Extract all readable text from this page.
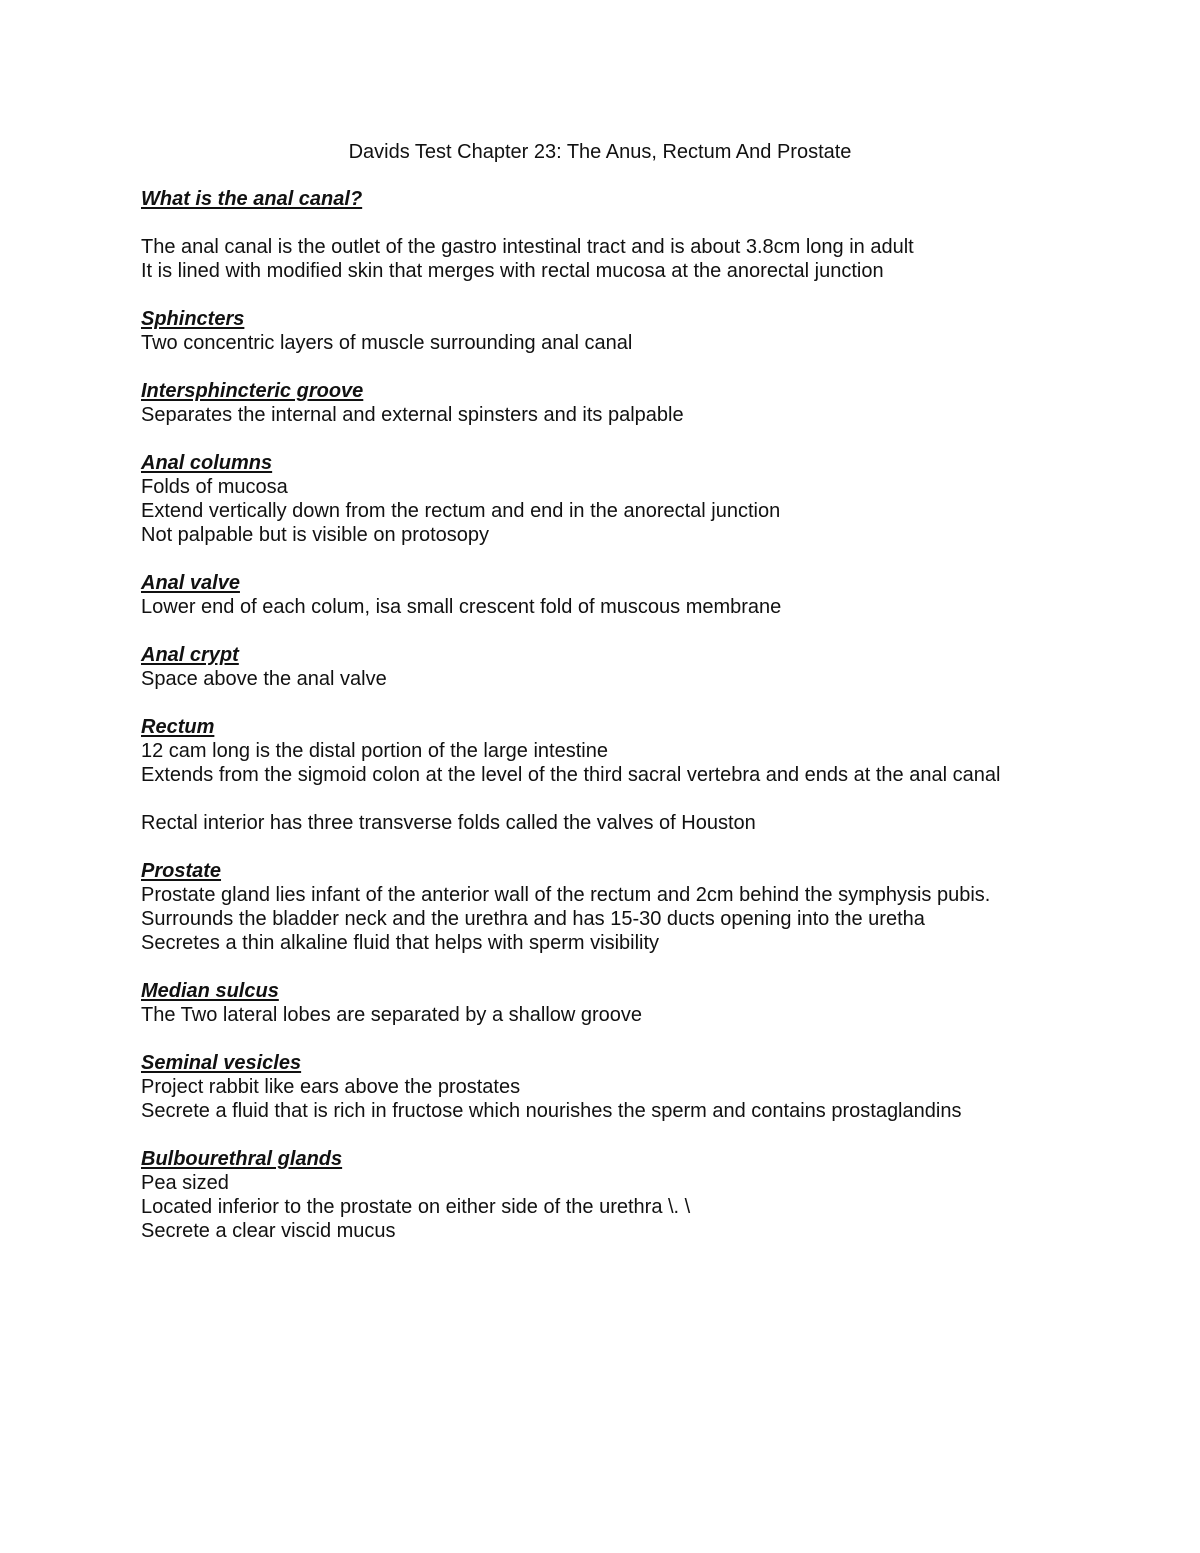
Davids Test Chapter 23: The Anus, Rectum And Prostate

What is the anal canal?

The anal canal is the outlet of the gastro intestinal tract and is about 3.8cm long in adult

It is lined with modified skin that merges with rectal mucosa at the anorectal junction

Sphincters

Two concentric layers of muscle surrounding anal canal

Intersphincteric groove

Separates the internal and external spinsters and its palpable

Anal columns

Folds of mucosa

Extend vertically down from the rectum and end in the anorectal junction

Not palpable but is visible on protosopy

Anal valve

Lower end of each colum, isa small crescent fold of muscous membrane

Anal crypt

Space above the anal valve

Rectum

12 cam long is the distal portion of the large intestine

Extends from the sigmoid colon at the level of the third sacral vertebra and ends at the anal canal

Rectal interior has three transverse folds called the valves of Houston

Prostate

Prostate gland lies infant of the anterior wall of the rectum and 2cm behind the symphysis pubis. Surrounds the bladder neck and the urethra and has 15-30 ducts opening into the uretha

Secretes a thin alkaline fluid that helps with sperm visibility

Median sulcus

The Two lateral lobes are separated by a shallow groove

Seminal vesicles

Project rabbit like ears above the prostates

Secrete a fluid that is rich in fructose which nourishes the sperm and contains prostaglandins

Bulbourethral glands

Pea sized

Located inferior to the prostate on either side of the urethra \. \

Secrete a clear viscid mucus
